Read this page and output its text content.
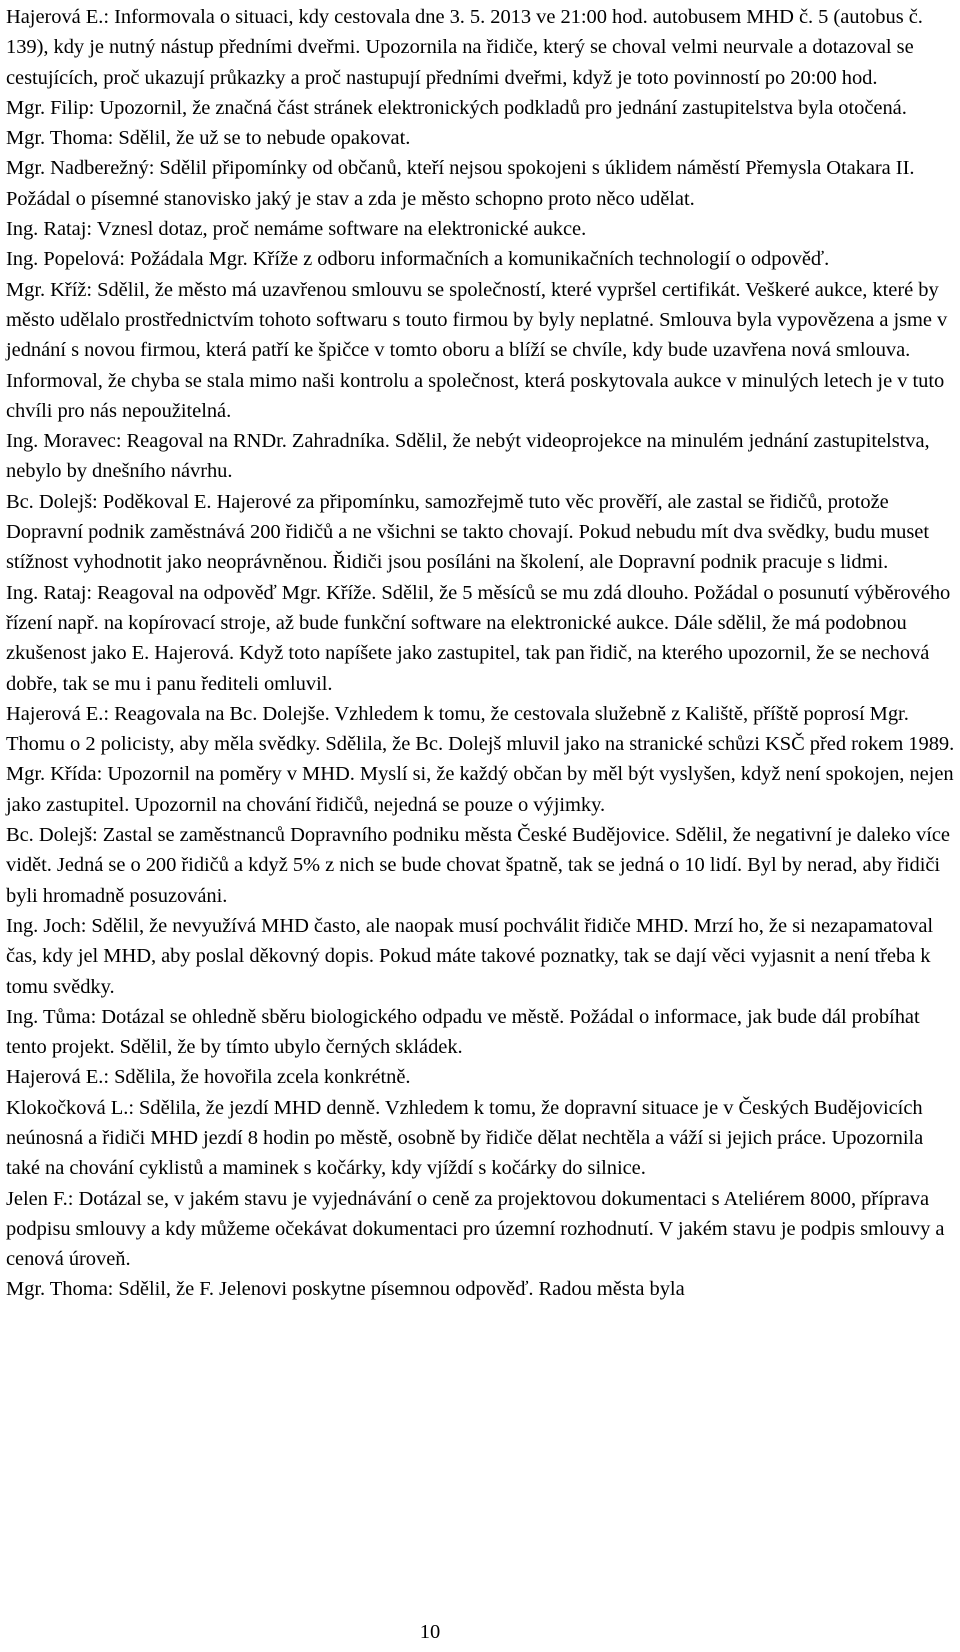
Hajerová E.: Informovala o situaci, kdy cestovala dne 3. 5. 2013 ve 21:00 hod. autobusem MHD č. 5 (autobus č. 139), kdy je nutný nástup předními dveřmi. Upozornila na řidiče, který se choval velmi neurvale a dotazoval se cestujících, proč ukazují průkazky a proč nastupují předními dveřmi, když je toto povinností po 20:00 hod.

Mgr. Filip: Upozornil, že značná část stránek elektronických podkladů pro jednání zastupitelstva byla otočená.

Mgr. Thoma: Sdělil, že už se to nebude opakovat.

Mgr. Nadberežný: Sdělil připomínky od občanů, kteří nejsou spokojeni s úklidem náměstí Přemysla Otakara II. Požádal o písemné stanovisko jaký je stav a zda je město schopno proto něco udělat.

Ing. Rataj: Vznesl dotaz, proč nemáme software na elektronické aukce.

Ing. Popelová: Požádala Mgr. Kříže z odboru informačních a komunikačních technologií o odpověď.

Mgr. Kříž: Sdělil, že město má uzavřenou smlouvu se společností, které vypršel certifikát. Veškeré aukce, které by město udělalo prostřednictvím tohoto softwaru s touto firmou by byly neplatné. Smlouva byla vypovězena a jsme v jednání s novou firmou, která patří ke špičce v tomto oboru a blíží se chvíle, kdy bude uzavřena nová smlouva. Informoval, že chyba se stala mimo naši kontrolu a společnost, která poskytovala aukce v minulých letech je v tuto chvíli pro nás nepoužitelná.

Ing. Moravec: Reagoval na RNDr. Zahradníka. Sdělil, že nebýt videoprojekce na minulém jednání zastupitelstva, nebylo by dnešního návrhu.

Bc. Dolejš: Poděkoval E. Hajerové za připomínku, samozřejmě tuto věc prověří, ale zastal se řidičů, protože Dopravní podnik zaměstnává 200 řidičů a ne všichni se takto chovají. Pokud nebudu mít dva svědky, budu muset stížnost vyhodnotit jako neoprávněnou. Řidiči jsou posíláni na školení, ale Dopravní podnik pracuje s lidmi.

Ing. Rataj: Reagoval na odpověď Mgr. Kříže. Sdělil, že 5 měsíců se mu zdá dlouho. Požádal o posunutí výběrového řízení např. na kopírovací stroje, až bude funkční software na elektronické aukce. Dále sdělil, že má podobnou zkušenost jako E. Hajerová. Když toto napíšete jako zastupitel, tak pan řidič, na kterého upozornil, že se nechová dobře, tak se mu i panu řediteli omluvil.

Hajerová E.: Reagovala na Bc. Dolejše. Vzhledem k tomu, že cestovala služebně z Kaliště, příště poprosí Mgr. Thomu o 2 policisty, aby měla svědky. Sdělila, že Bc. Dolejš mluvil jako na stranické schůzi KSČ před rokem 1989.

Mgr. Křída: Upozornil na poměry v MHD. Myslí si, že každý občan by měl být vyslyšen, když není spokojen, nejen jako zastupitel. Upozornil na chování řidičů, nejedná se pouze o výjimky.

Bc. Dolejš: Zastal se zaměstnanců Dopravního podniku města České Budějovice. Sdělil, že negativní je daleko více vidět. Jedná se o 200 řidičů a když 5% z nich se bude chovat špatně, tak se jedná o 10 lidí. Byl by nerad, aby řidiči byli hromadně posuzováni.

Ing. Joch: Sdělil, že nevyužívá MHD často, ale naopak musí pochválit řidiče MHD. Mrzí ho, že si nezapamatoval čas, kdy jel MHD, aby poslal děkovný dopis. Pokud máte takové poznatky, tak se dají věci vyjasnit a není třeba k tomu svědky.

Ing. Tůma: Dotázal se ohledně sběru biologického odpadu ve městě. Požádal o informace, jak bude dál probíhat tento projekt. Sdělil, že by tímto ubylo černých skládek.

Hajerová E.: Sdělila, že hovořila zcela konkrétně.

Klokočková L.: Sdělila, že jezdí MHD denně. Vzhledem k tomu, že dopravní situace je v Českých Budějovicích neúnosná a řidiči MHD jezdí 8 hodin po městě, osobně by řidiče dělat nechtěla a váží si jejich práce. Upozornila také na chování cyklistů a maminek s kočárky, kdy vjíždí s kočárky do silnice.

Jelen F.: Dotázal se, v jakém stavu je vyjednávání o ceně za projektovou dokumentaci s Ateliérem 8000, příprava podpisu smlouvy a kdy můžeme očekávat dokumentaci pro územní rozhodnutí. V jakém stavu je podpis smlouvy a cenová úroveň.

Mgr. Thoma: Sdělil, že F. Jelenovi poskytne písemnou odpověď. Radou města byla

10
